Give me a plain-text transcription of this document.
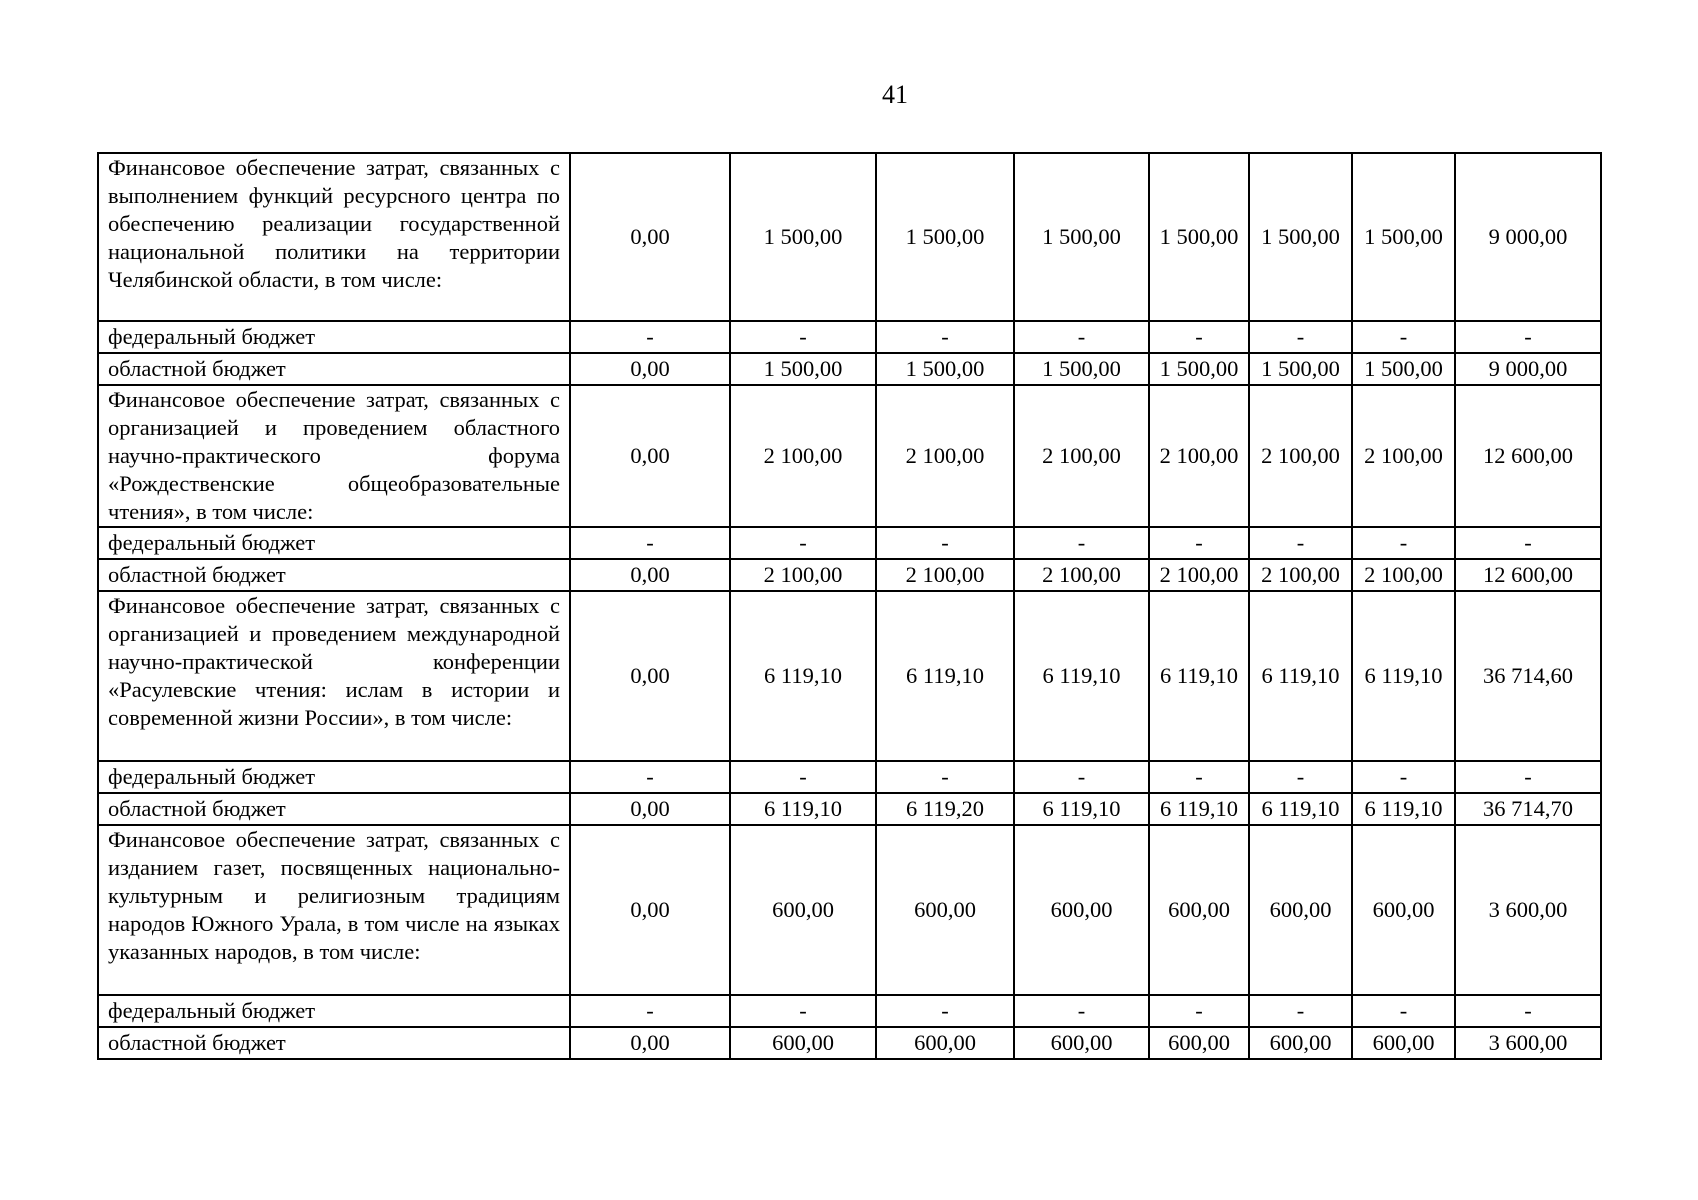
41
Финансовое обеспечение затрат, связанных с выполнением функций ресурсного центра по обеспечению реализации государственной национальной политики на территории Челябинской области, в том числе:	0,00	1 500,00	1 500,00	1 500,00	1 500,00	1 500,00	1 500,00	9 000,00
федеральный бюджет	-	-	-	-	-	-	-	-
областной бюджет	0,00	1 500,00	1 500,00	1 500,00	1 500,00	1 500,00	1 500,00	9 000,00
Финансовое обеспечение затрат, связанных с организацией и проведением областного научно-практического форума «Рождественские общеобразовательные чтения», в том числе:	0,00	2 100,00	2 100,00	2 100,00	2 100,00	2 100,00	2 100,00	12 600,00
федеральный бюджет	-	-	-	-	-	-	-	-
областной бюджет	0,00	2 100,00	2 100,00	2 100,00	2 100,00	2 100,00	2 100,00	12 600,00
Финансовое обеспечение затрат, связанных с организацией и проведением международной научно-практической конференции «Расулевские чтения: ислам в истории и современной жизни России», в том числе:	0,00	6 119,10	6 119,10	6 119,10	6 119,10	6 119,10	6 119,10	36 714,60
федеральный бюджет	-	-	-	-	-	-	-	-
областной бюджет	0,00	6 119,10	6 119,20	6 119,10	6 119,10	6 119,10	6 119,10	36 714,70
Финансовое обеспечение затрат, связанных с изданием газет, посвященных национально-культурным и религиозным традициям народов Южного Урала, в том числе на языках указанных народов, в том числе:	0,00	600,00	600,00	600,00	600,00	600,00	600,00	3 600,00
федеральный бюджет	-	-	-	-	-	-	-	-
областной бюджет	0,00	600,00	600,00	600,00	600,00	600,00	600,00	3 600,00
